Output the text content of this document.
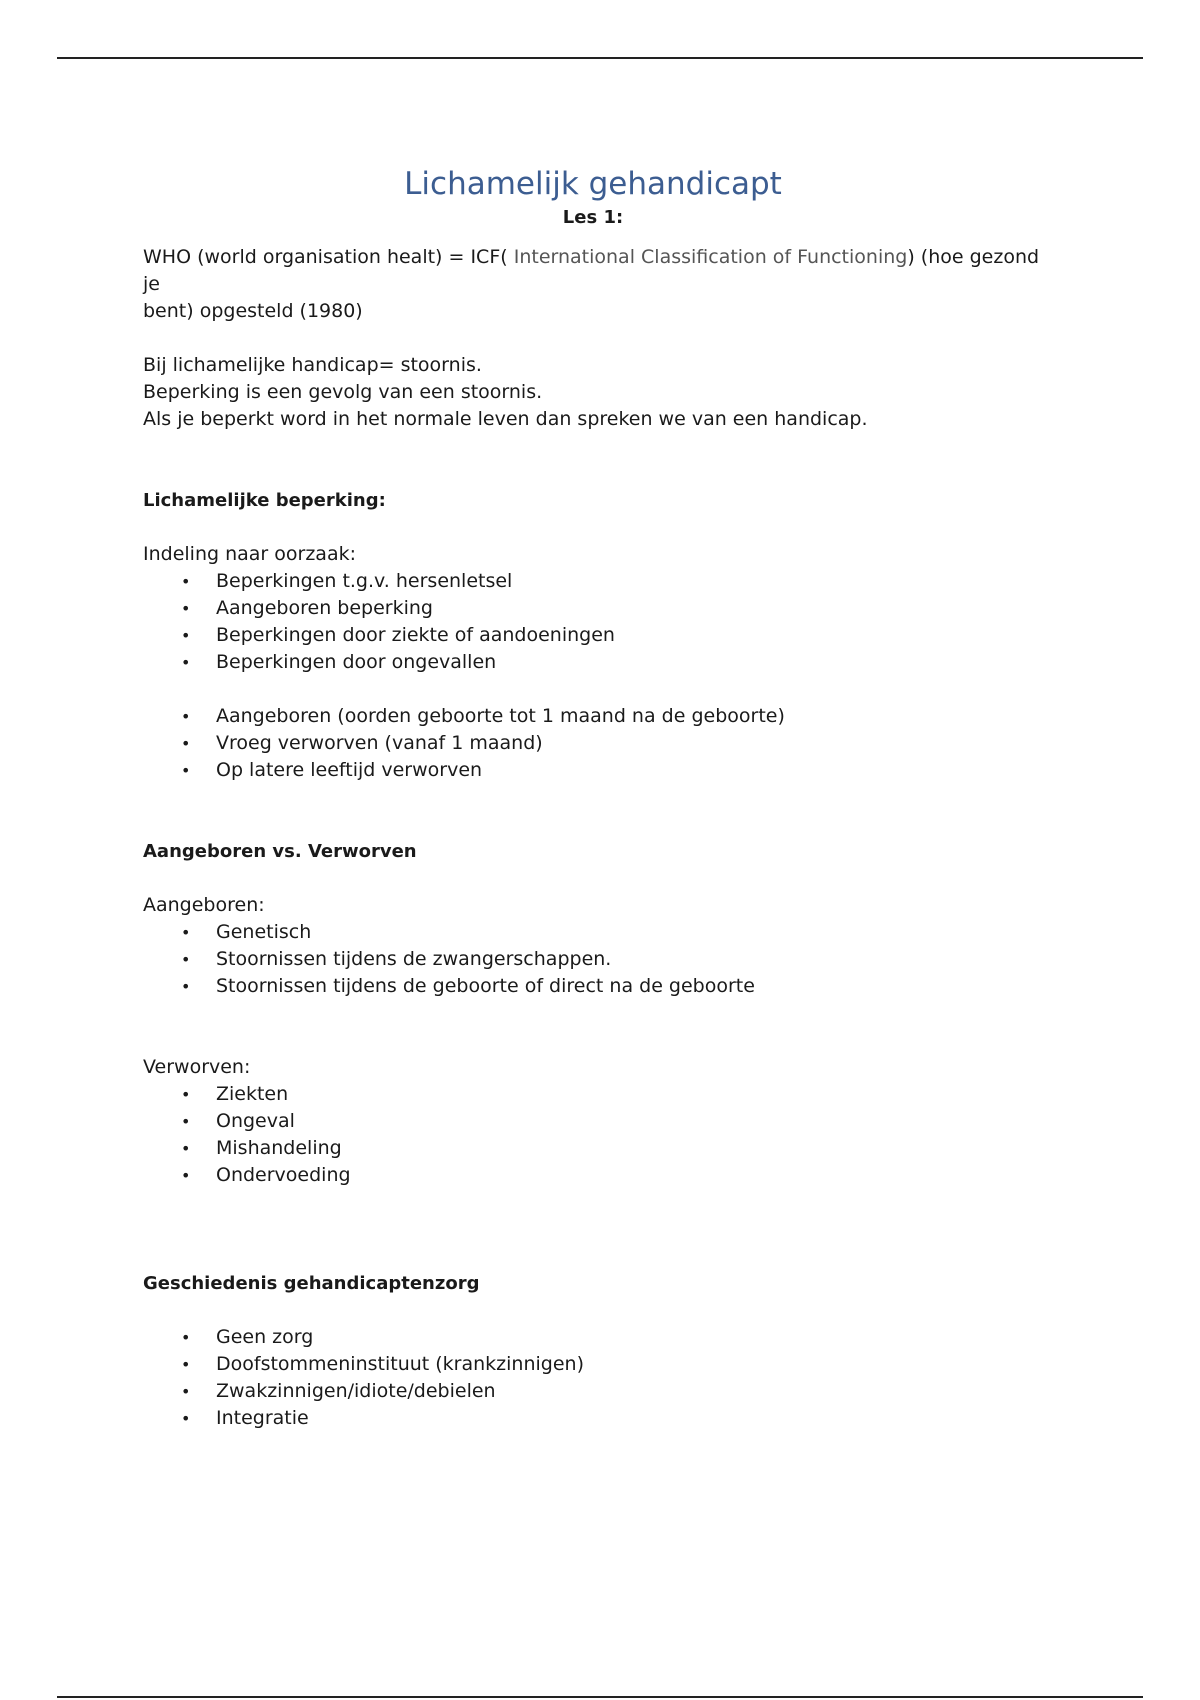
Lichamelijk gehandicapt

Les 1:

WHO (world organisation healt) = ICF( International Classification of Functioning) (hoe gezond je
bent) opgesteld (1980)

Bij lichamelijke handicap= stoornis.

Beperking is een gevolg van een stoornis.

Als je beperkt word in het normale leven dan spreken we van een handicap.

Lichamelijke beperking:

Indeling naar oorzaak:

• Beperkingen t.g.v. hersenletsel
• Aangeboren beperking
• Beperkingen door ziekte of aandoeningen
• Beperkingen door ongevallen
• Aangeboren (oorden geboorte tot 1 maand na de geboorte)
• Vroeg verworven (vanaf 1 maand)
• Op latere leeftijd verworven

Aangeboren vs. Verworven

Aangeboren:

• Genetisch
• Stoornissen tijdens de zwangerschappen.
• Stoornissen tijdens de geboorte of direct na de geboorte

Verworven:

• Ziekten
• Ongeval
• Mishandeling
• Ondervoeding

Geschiedenis gehandicaptenzorg

• Geen zorg
• Doofstommeninstituut (krankzinnigen)
• Zwakzinnigen/idiote/debielen
• Integratie
